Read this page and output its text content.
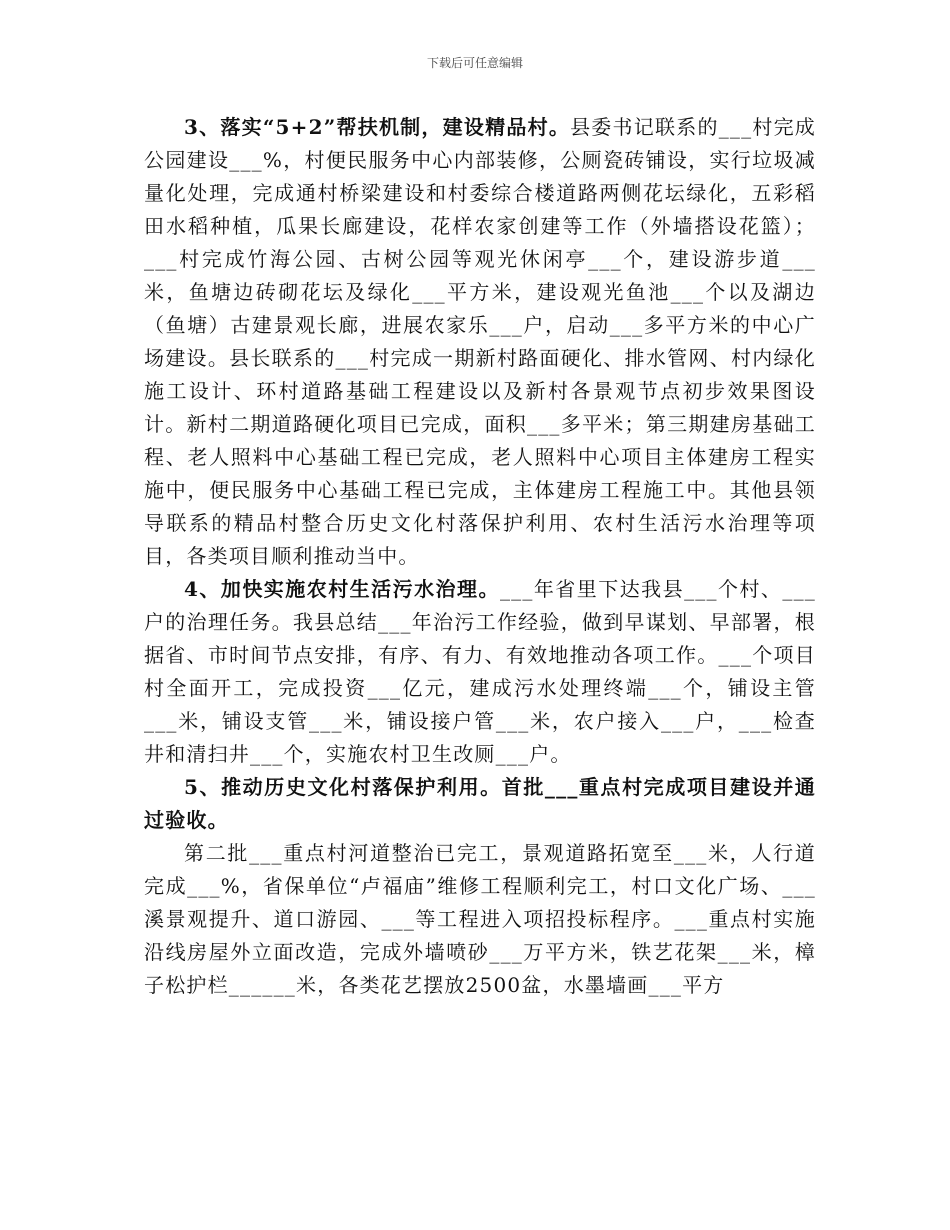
下载后可任意编辑

3、落实“5+2”帮扶机制，建设精品村。县委书记联系的___村完成公园建设___%，村便民服务中心内部装修，公厕瓷砖铺设，实行垃圾减量化处理，完成通村桥梁建设和村委综合楼道路两侧花坛绿化，五彩稻田水稻种植，瓜果长廊建设，花样农家创建等工作（外墙搭设花篮）；___村完成竹海公园、古树公园等观光休闲亭___个，建设游步道___米，鱼塘边砖砌花坛及绿化___平方米，建设观光鱼池___个以及湖边（鱼塘）古建景观长廊，进展农家乐___户，启动___多平方米的中心广场建设。县长联系的___村完成一期新村路面硬化、排水管网、村内绿化施工设计、环村道路基础工程建设以及新村各景观节点初步效果图设计。新村二期道路硬化项目已完成，面积___多平米；第三期建房基础工程、老人照料中心基础工程已完成，老人照料中心项目主体建房工程实施中，便民服务中心基础工程已完成，主体建房工程施工中。其他县领导联系的精品村整合历史文化村落保护利用、农村生活污水治理等项目，各类项目顺利推动当中。

4、加快实施农村生活污水治理。___年省里下达我县___个村、___户的治理任务。我县总结___年治污工作经验，做到早谋划、早部署，根据省、市时间节点安排，有序、有力、有效地推动各项工作。___个项目村全面开工，完成投资___亿元，建成污水处理终端___个，铺设主管___米，铺设支管___米，铺设接户管___米，农户接入___户，___检查井和清扫井___个，实施农村卫生改厕___户。

5、推动历史文化村落保护利用。首批___重点村完成项目建设并通过验收。

第二批___重点村河道整治已完工，景观道路拓宽至___米，人行道完成___%，省保单位“卢福庙”维修工程顺利完工，村口文化广场、___溪景观提升、道口游园、___等工程进入项招投标程序。___重点村实施沿线房屋外立面改造，完成外墙喷砂___万平方米，铁艺花架___米，樟子松护栏______米，各类花艺摆放2500盆，水墨墙画___平方
